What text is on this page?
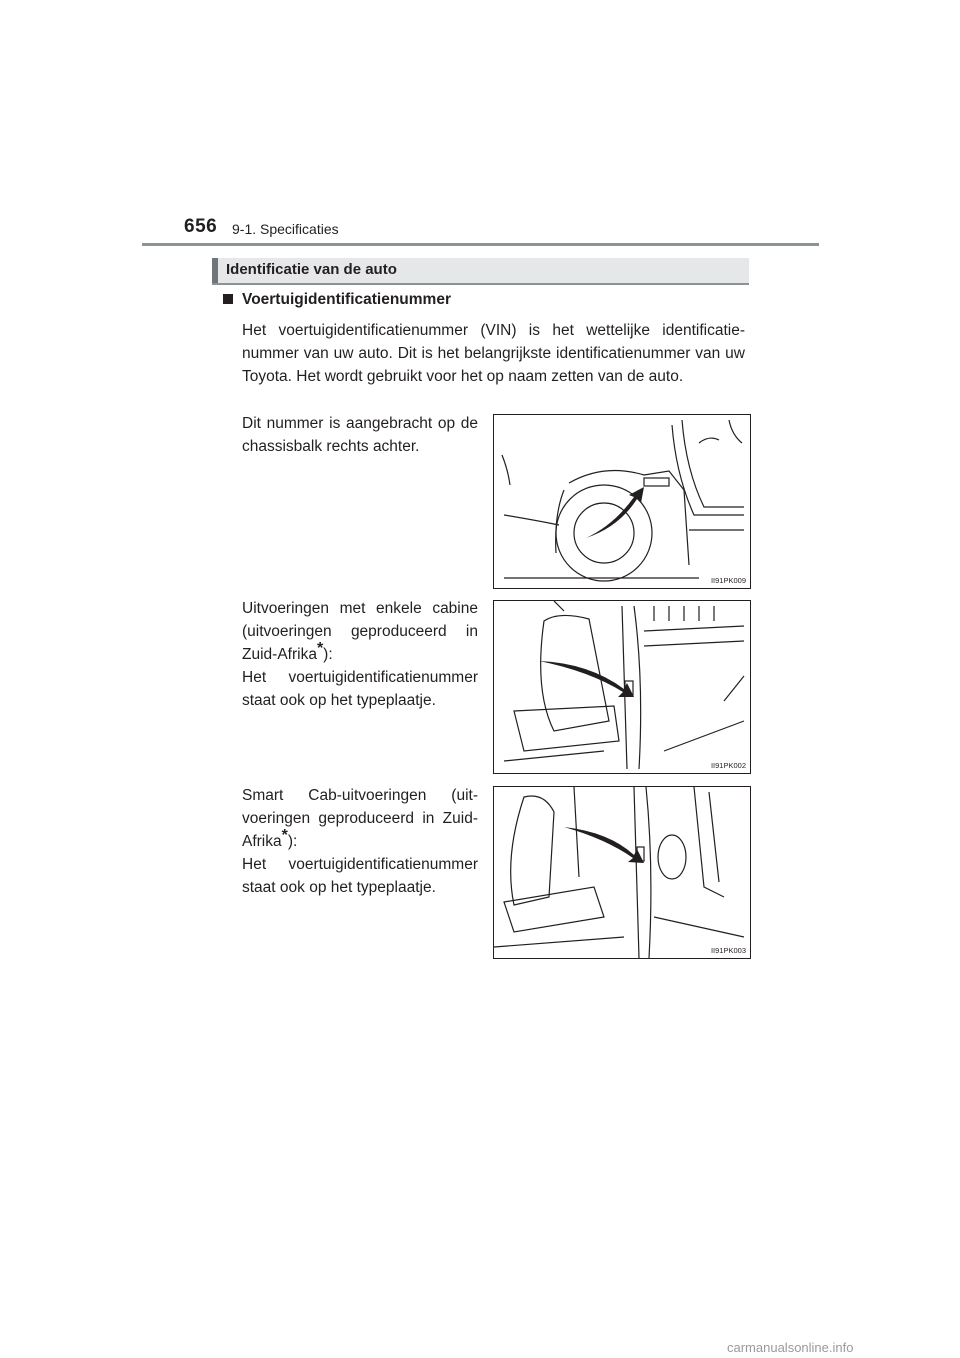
656 9-1. Specificaties
Identificatie van de auto
Voertuigidentificatienummer
Het voertuigidentificatienummer (VIN) is het wettelijke identificatie-nummer van uw auto. Dit is het belangrijkste identificatienummer van uw Toyota. Het wordt gebruikt voor het op naam zetten van de auto.
Dit nummer is aangebracht op de chassisbalk rechts achter.
II91PK009
Uitvoeringen met enkele cabine (uitvoeringen geproduceerd in Zuid-Afrika*):
Het voertuigidentificatienummer staat ook op het typeplaatje.
II91PK002
Smart Cab-uitvoeringen (uit-voeringen geproduceerd in Zuid-Afrika*):
Het voertuigidentificatienummer staat ook op het typeplaatje.
II91PK003
carmanualsonline.info
